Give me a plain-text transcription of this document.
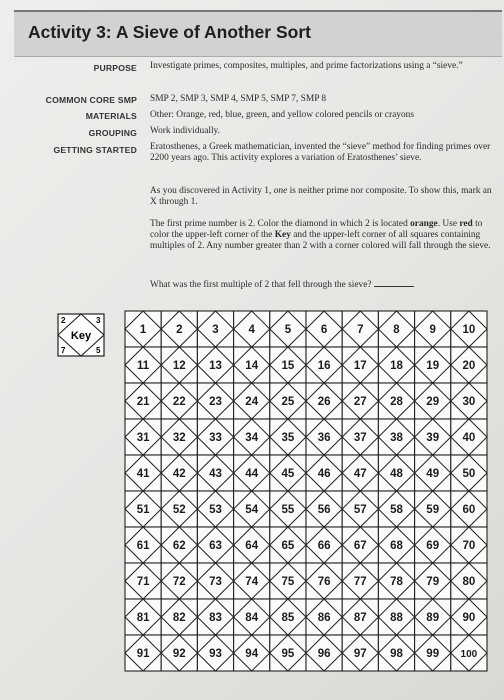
Activity 3: A Sieve of Another Sort
PURPOSE Investigate primes, composites, multiples, and prime factorizations using a “sieve.”
COMMON CORE SMP SMP 2, SMP 3, SMP 4, SMP 5, SMP 7, SMP 8
MATERIALS Other: Orange, red, blue, green, and yellow colored pencils or crayons
GROUPING Work individually.
GETTING STARTED Eratosthenes, a Greek mathematician, invented the “sieve” method for finding primes over 2200 years ago. This activity explores a variation of Eratosthenes’ sieve.
As you discovered in Activity 1, one is neither prime nor composite. To show this, mark an X through 1.
The first prime number is 2. Color the diamond in which 2 is located orange. Use red to color the upper-left corner of the Key and the upper-left corner of all squares containing multiples of 2. Any number greater than 2 with a corner colored will fall through the sieve.
What was the first multiple of 2 that fell through the sieve?
2	3
7	5
Key	1	2	3	4	5	6	7	8	9 10
11 12 13 14 15 16 17 18 19 20
21 22 23 24 25 26 27 28 29 30
31 32 33 34 35 36 37 38 39 40
41 42 43 44 45 46 47 48 49 50
51 52 53 54 55 56 57 58 59 60
61 62 63 64 65 66 67 68 69 70
71 72 73 74 75 76 77 78 79 80
81 82 83 84 85 86 87 88 89 90
91 92 93 94 95 96 97 98 99 100
